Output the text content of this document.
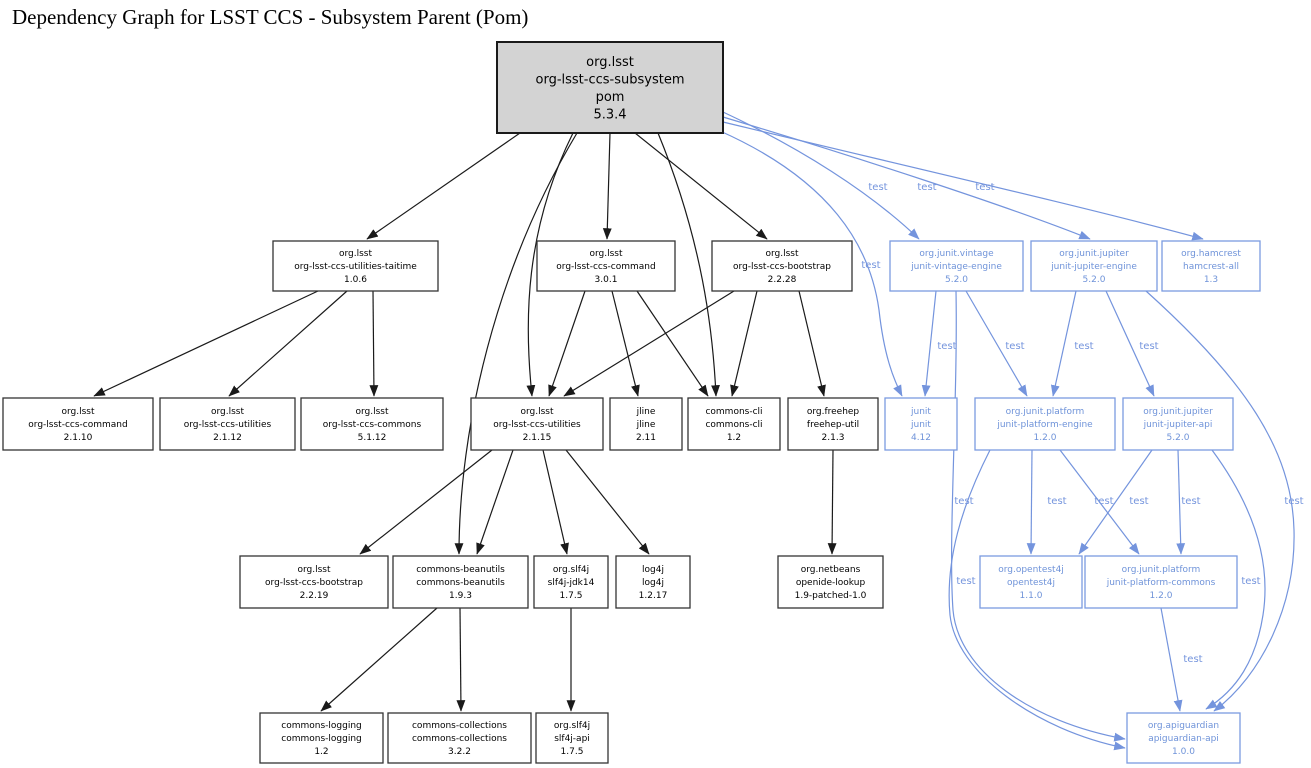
Dependency Graph for LSST CCS - Subsystem Parent (Pom)
test	test	test
test
test	test	test	test
test
test
test	test test	test	test
test
test
org.lsst
org-lsst-ccs-subsystem
pom
5.3.4
org.lsst
org-lsst-ccs-utilities-taitime
1.0.6
org.lsst
org-lsst-ccs-command
3.0.1
org.lsst
org-lsst-ccs-bootstrap
2.2.28
org.junit.vintage
junit-vintage-engine
5.2.0
org.junit.jupiter
junit-jupiter-engine
5.2.0
org.hamcrest
hamcrest-all
1.3
org.lsst
org-lsst-ccs-command
2.1.10
org.lsst
org-lsst-ccs-utilities
2.1.12
org.lsst
org-lsst-ccs-commons
5.1.12
org.lsst
org-lsst-ccs-utilities
2.1.15
jline
jline
2.11
commons-cli
commons-cli
1.2
org.freehep
freehep-util
2.1.3
junit
junit
4.12
org.junit.platform
junit-platform-engine
1.2.0
org.junit.jupiter
junit-jupiter-api
5.2.0
org.lsst
org-lsst-ccs-bootstrap
2.2.19
commons-beanutils
commons-beanutils
1.9.3
org.slf4j
slf4j-jdk14
1.7.5
log4j
log4j
1.2.17
org.netbeans
openide-lookup
1.9-patched-1.0
org.opentest4j
opentest4j
1.1.0
org.junit.platform
junit-platform-commons
1.2.0
commons-logging
commons-logging
1.2
commons-collections
commons-collections
3.2.2
org.slf4j
slf4j-api
1.7.5
org.apiguardian
apiguardian-api
1.0.0
